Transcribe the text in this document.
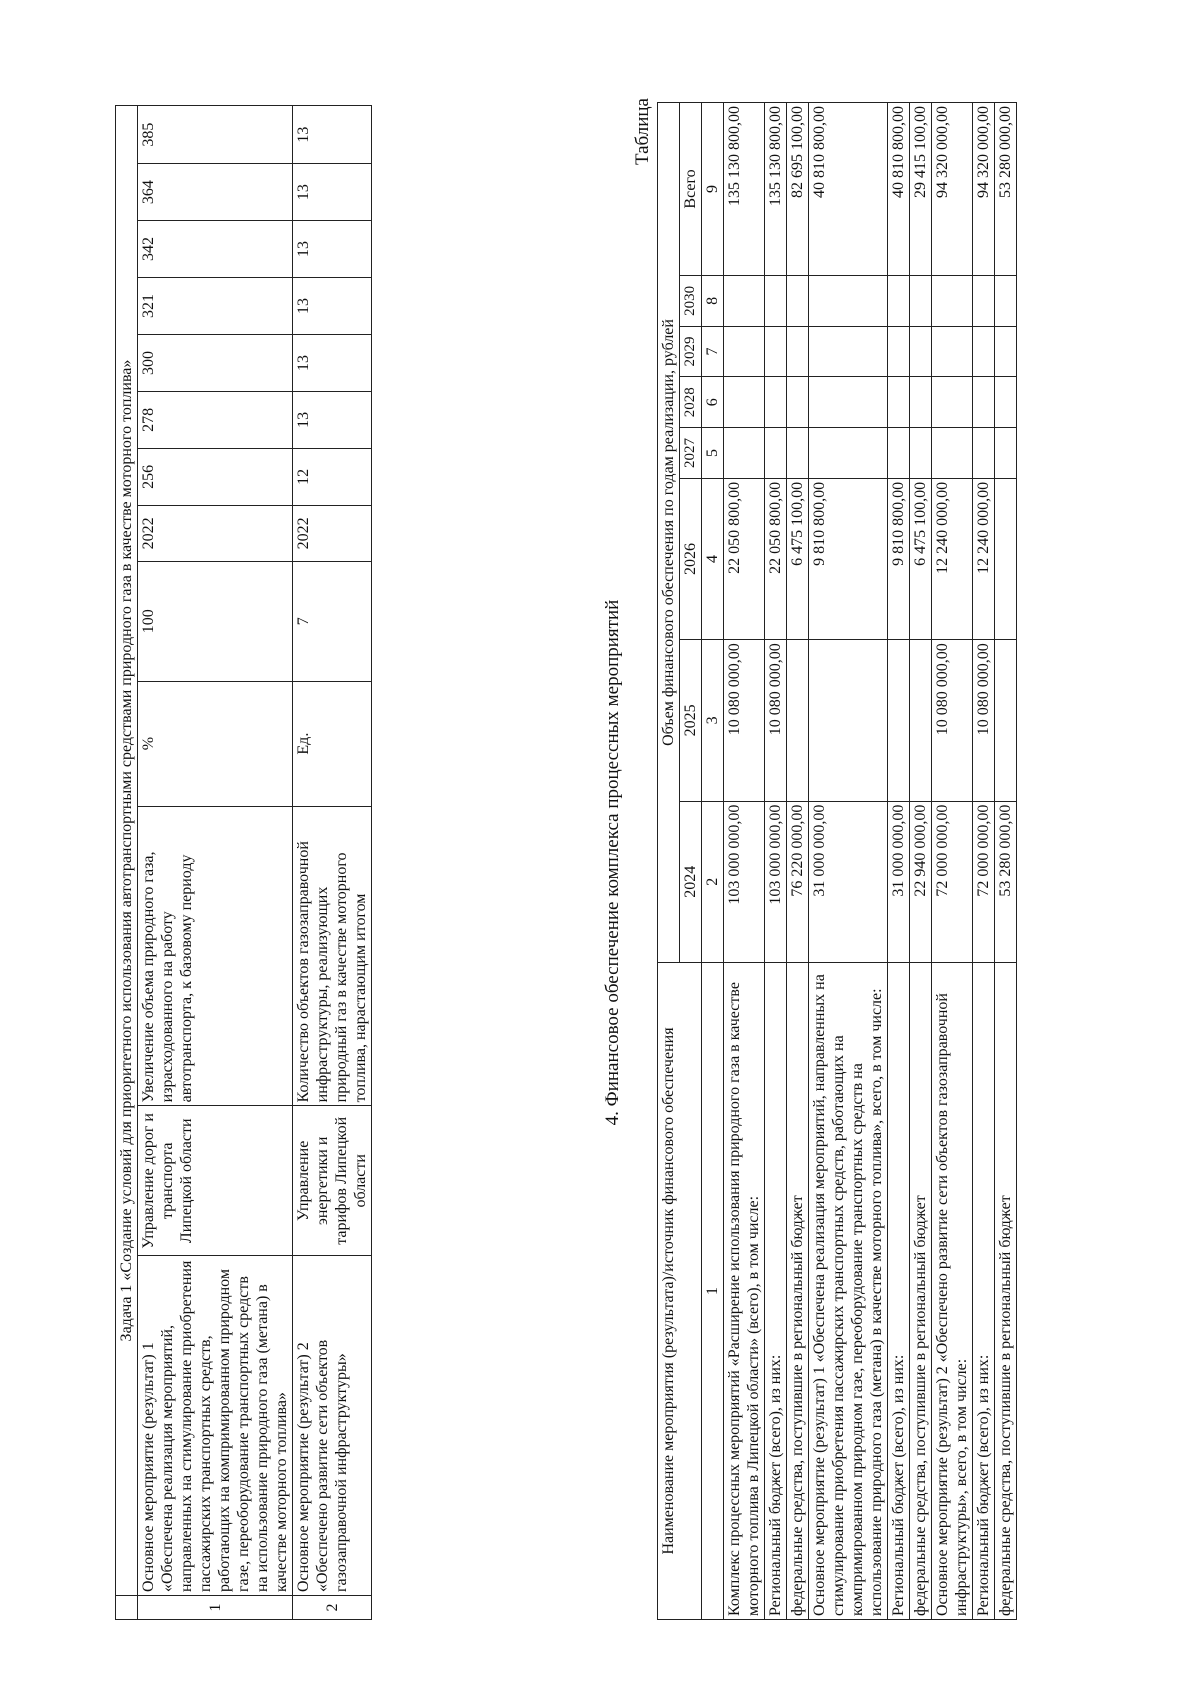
	Задача 1 «Создание условий для приоритетного использования автотранспортными средствами природного газа в качестве моторного топлива»												
1	Основное мероприятие (результат) 1 «Обеспечена реализация мероприятий, направленных на стимулирование приобретения пассажирских транспортных средств, работающих на компримированном природном газе, переоборудование транспортных средств на использование природного газа (метана) в качестве моторного топлива»	Управление дорог и транспорта Липецкой области	Увеличение объема природного газа, израсходованного на работу автотранспорта, к базовому периоду	%	100	2022	256	278	300	321	342	364	385
2	Основное мероприятие (результат) 2 «Обеспечено развитие сети объектов газозаправочной инфраструктуры»	Управление энергетики и тарифов Липецкой области	Количество объектов газозаправочной инфраструктуры, реализующих природный газ в качестве моторного топлива, нарастающим итогом	Ед.	7	2022	12	13	13	13	13	13	13
4. Финансовое обеспечение комплекса процессных мероприятий
Таблица
Наименование мероприятия (результата)/источник финансового обеспечения	Объем финансового обеспечения по годам реализации, рублей							
	2024	2025	2026	2027	2028	2029	2030	Всего
1	2	3	4	5	6	7	8	9
Комплекс процессных мероприятий «Расширение использования природного газа в качестве моторного топлива в Липецкой области» (всего), в том числе:	103 000 000,00	10 080 000,00	22 050 800,00					135 130 800,00
Региональный бюджет (всего), из них:	103 000 000,00	10 080 000,00	22 050 800,00					135 130 800,00
федеральные средства, поступившие в региональный бюджет	76 220 000,00		6 475 100,00					82 695 100,00
Основное мероприятие (результат) 1 «Обеспечена реализация мероприятий, направленных на стимулирование приобретения пассажирских транспортных средств, работающих на компримированном природном газе, переоборудование транспортных средств на использование природного газа (метана) в качестве моторного топлива», всего, в том числе:	31 000 000,00		9 810 800,00					40 810 800,00
Региональный бюджет (всего), из них:	31 000 000,00		9 810 800,00					40 810 800,00
федеральные средства, поступившие в региональный бюджет	22 940 000,00		6 475 100,00					29 415 100,00
Основное мероприятие (результат) 2 «Обеспечено развитие сети объектов газозаправочной инфраструктуры», всего, в том числе:	72 000 000,00	10 080 000,00	12 240 000,00					94 320 000,00
Региональный бюджет (всего), из них:	72 000 000,00	10 080 000,00	12 240 000,00					94 320 000,00
федеральные средства, поступившие в региональный бюджет	53 280 000,00							53 280 000,00
